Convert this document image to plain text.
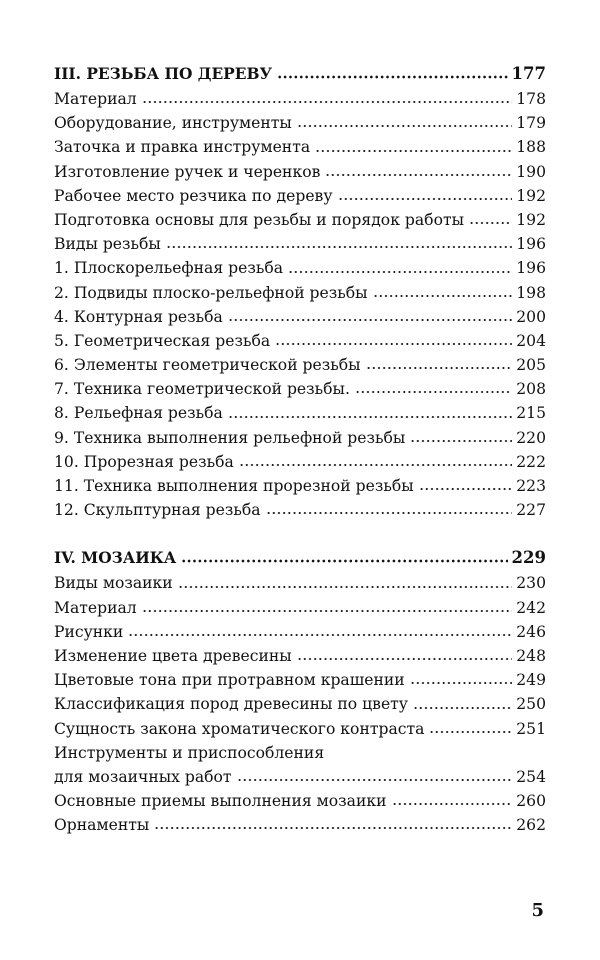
III. РЕЗЬБА ПО ДЕРЕВУ	177
Материал	178
Оборудование, инструменты	179
Заточка и правка инструмента	188
Изготовление ручек и черенков	190
Рабочее место резчика по дереву	192
Подготовка основы для резьбы и порядок работы	192
Виды резьбы	196
1. Плоскорельефная резьба	196
2. Подвиды плоско-рельефной резьбы	198
4. Контурная резьба	200
5. Геометрическая резьба	204
6. Элементы геометрической резьбы	205
7. Техника геометрической резьбы.	208
8. Рельефная резьба	215
9. Техника выполнения рельефной резьбы	220
10. Прорезная резьба	222
11. Техника выполнения прорезной резьбы	223
12. Скульптурная резьба	227
IV. МОЗАИКА	229
Виды мозаики	230
Материал	242
Рисунки	246
Изменение цвета древесины	248
Цветовые тона при протравном крашении	249
Классификация пород древесины по цвету	250
Сущность закона хроматического контраста	251
Инструменты и приспособления
для мозаичных работ	254
Основные приемы выполнения мозаики	260
Орнаменты	262
5
